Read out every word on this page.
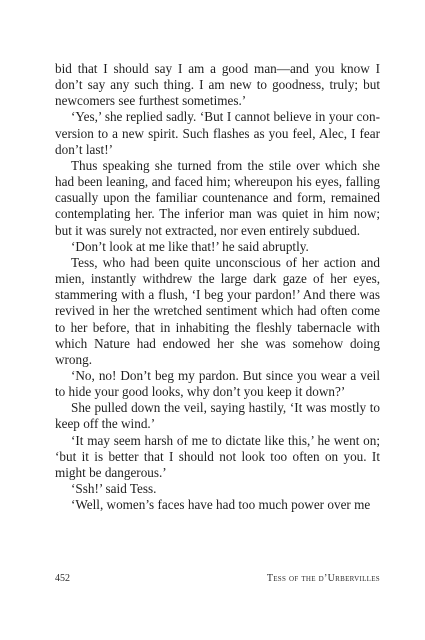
bid that I should say I am a good man—and you know I don’t say any such thing. I am new to goodness, truly; but newcomers see furthest sometimes.’

‘Yes,’ she replied sadly. ‘But I cannot believe in your conversion to a new spirit. Such flashes as you feel, Alec, I fear don’t last!’

Thus speaking she turned from the stile over which she had been leaning, and faced him; whereupon his eyes, falling casually upon the familiar countenance and form, remained contemplating her. The inferior man was quiet in him now; but it was surely not extracted, nor even entirely subdued.

‘Don’t look at me like that!’ he said abruptly.

Tess, who had been quite unconscious of her action and mien, instantly withdrew the large dark gaze of her eyes, stammering with a flush, ‘I beg your pardon!’ And there was revived in her the wretched sentiment which had often come to her before, that in inhabiting the fleshly tabernacle with which Nature had endowed her she was somehow doing wrong.

‘No, no! Don’t beg my pardon. But since you wear a veil to hide your good looks, why don’t you keep it down?’

She pulled down the veil, saying hastily, ‘It was mostly to keep off the wind.’

‘It may seem harsh of me to dictate like this,’ he went on; ‘but it is better that I should not look too often on you. It might be dangerous.’

‘Ssh!’ said Tess.

‘Well, women’s faces have had too much power over me

452	Tess of the d’Urbervilles
